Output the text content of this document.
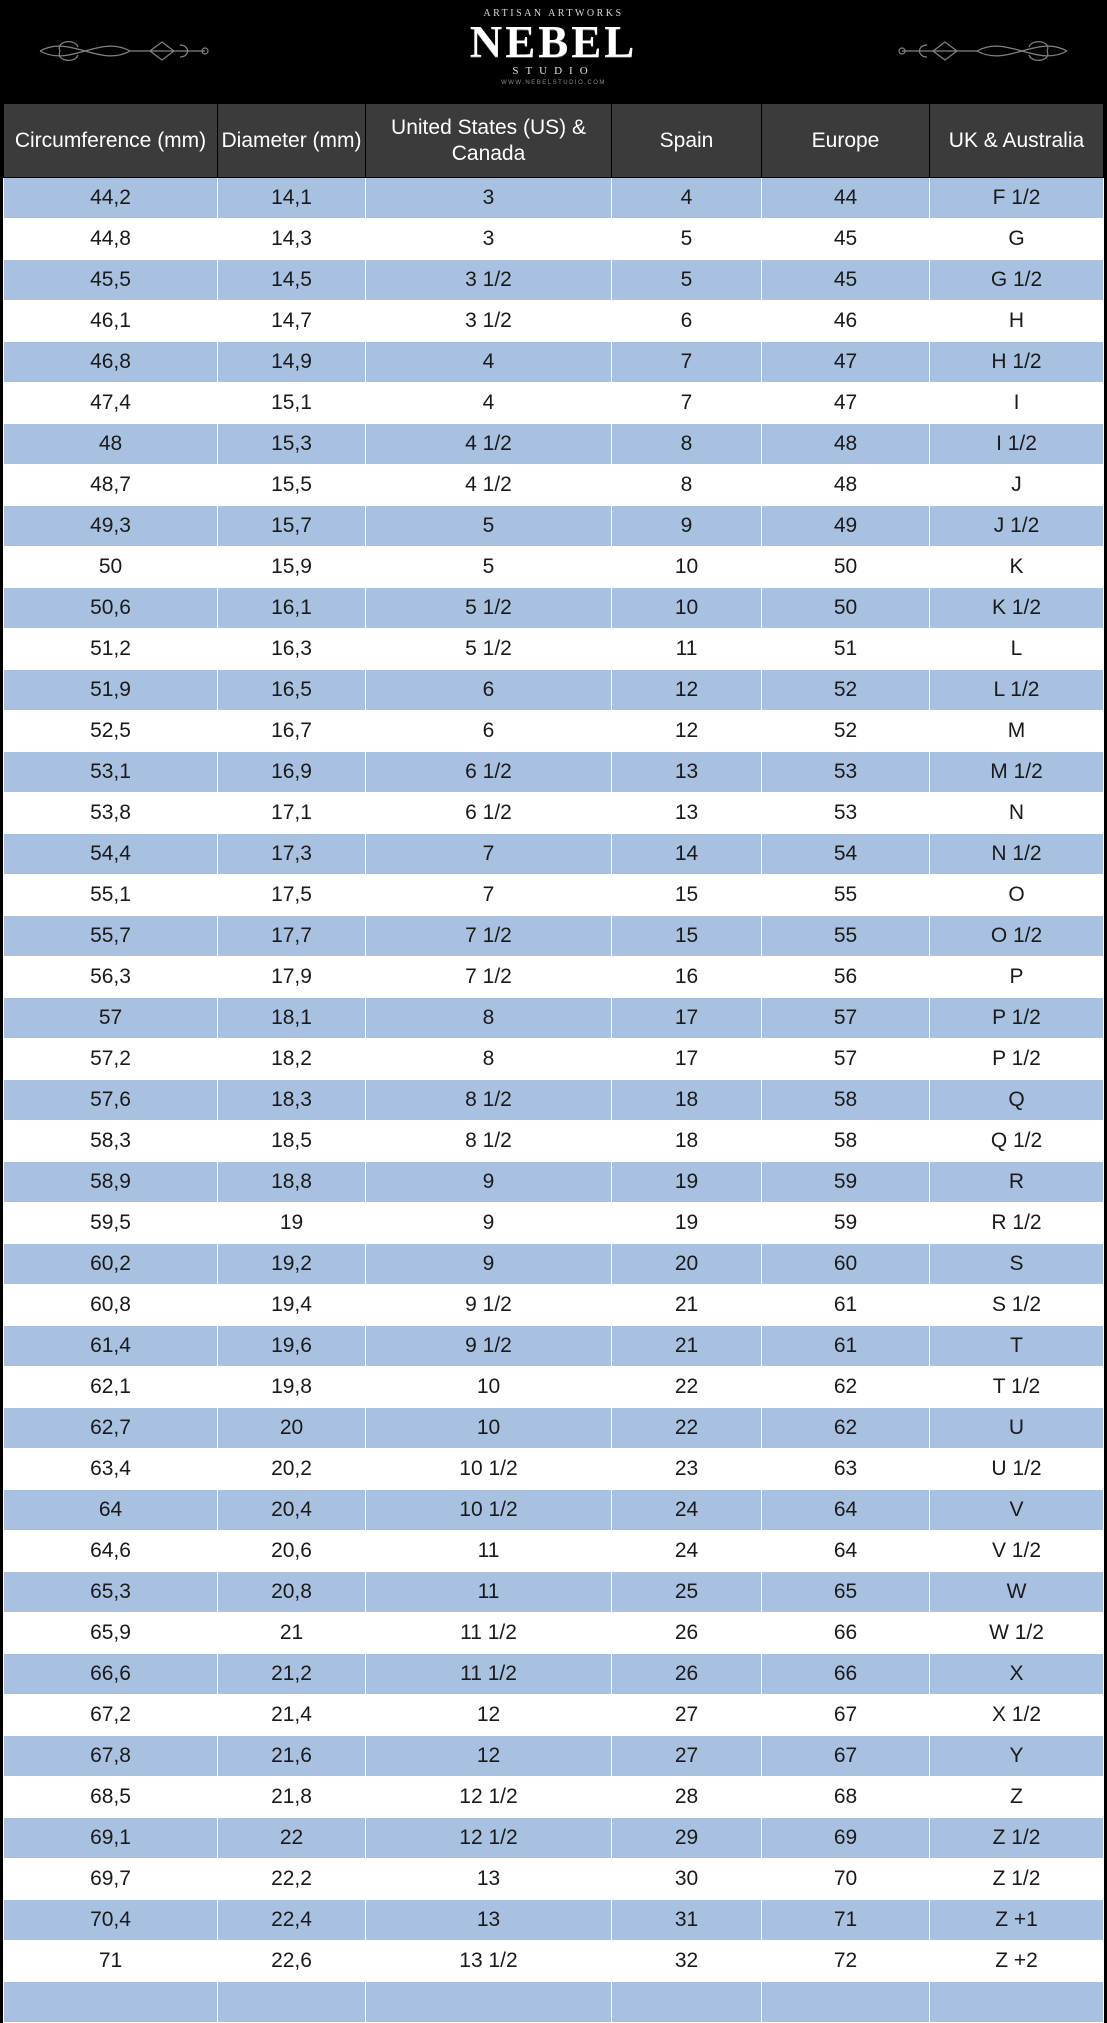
ARTISAN ARTWORKS
NEBEL
STUDIO
WWW.NEBELSTUDIO.COM
Circumference (mm)	Diameter (mm)	United States (US) & Canada	Spain	Europe	UK & Australia
44,2	14,1	3	4	44	F 1/2
44,8	14,3	3	5	45	G
45,5	14,5	3 1/2	5	45	G 1/2
46,1	14,7	3 1/2	6	46	H
46,8	14,9	4	7	47	H 1/2
47,4	15,1	4	7	47	I
48	15,3	4 1/2	8	48	I 1/2
48,7	15,5	4 1/2	8	48	J
49,3	15,7	5	9	49	J 1/2
50	15,9	5	10	50	K
50,6	16,1	5 1/2	10	50	K 1/2
51,2	16,3	5 1/2	11	51	L
51,9	16,5	6	12	52	L 1/2
52,5	16,7	6	12	52	M
53,1	16,9	6 1/2	13	53	M 1/2
53,8	17,1	6 1/2	13	53	N
54,4	17,3	7	14	54	N 1/2
55,1	17,5	7	15	55	O
55,7	17,7	7 1/2	15	55	O 1/2
56,3	17,9	7 1/2	16	56	P
57	18,1	8	17	57	P 1/2
57,2	18,2	8	17	57	P 1/2
57,6	18,3	8 1/2	18	58	Q
58,3	18,5	8 1/2	18	58	Q 1/2
58,9	18,8	9	19	59	R
59,5	19	9	19	59	R 1/2
60,2	19,2	9	20	60	S
60,8	19,4	9 1/2	21	61	S 1/2
61,4	19,6	9 1/2	21	61	T
62,1	19,8	10	22	62	T 1/2
62,7	20	10	22	62	U
63,4	20,2	10 1/2	23	63	U 1/2
64	20,4	10 1/2	24	64	V
64,6	20,6	11	24	64	V 1/2
65,3	20,8	11	25	65	W
65,9	21	11 1/2	26	66	W 1/2
66,6	21,2	11 1/2	26	66	X
67,2	21,4	12	27	67	X 1/2
67,8	21,6	12	27	67	Y
68,5	21,8	12 1/2	28	68	Z
69,1	22	12 1/2	29	69	Z 1/2
69,7	22,2	13	30	70	Z 1/2
70,4	22,4	13	31	71	Z +1
71	22,6	13 1/2	32	72	Z +2
